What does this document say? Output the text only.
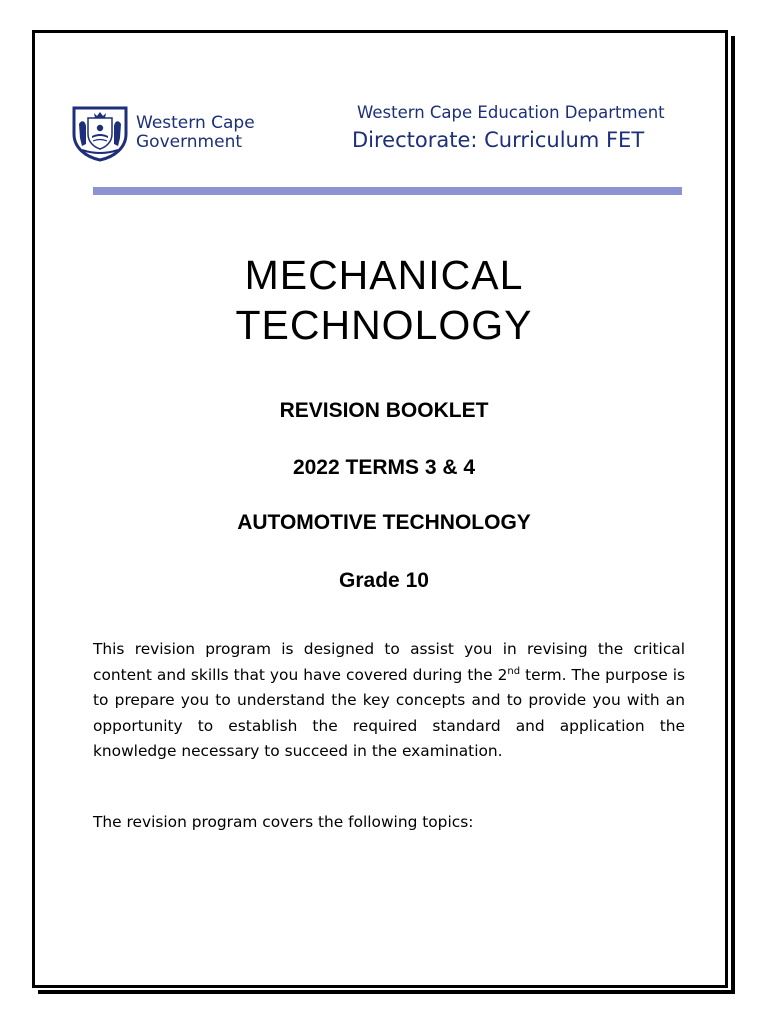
Western Cape
Government
Western Cape Education Department
Directorate: Curriculum FET
MECHANICAL
TECHNOLOGY
REVISION BOOKLET
2022 TERMS 3 & 4
AUTOMOTIVE TECHNOLOGY
Grade 10

This revision program is designed to assist you in revising the critical content and skills that you have covered during the 2nd term. The purpose is to prepare you to understand the key concepts and to provide you with an opportunity to establish the required standard and application the knowledge necessary to succeed in the examination.

The revision program covers the following topics:
